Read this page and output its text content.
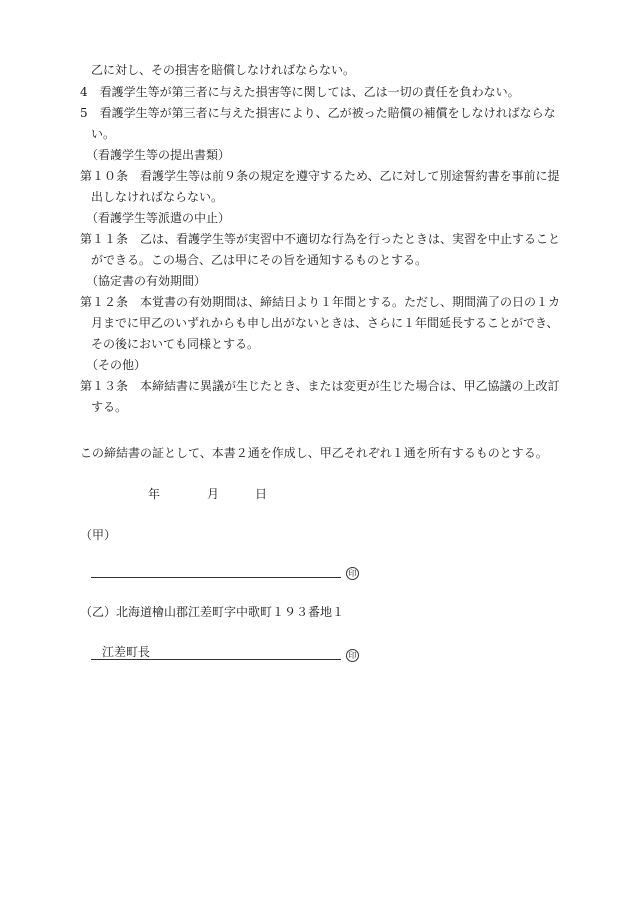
乙に対し、その損害を賠償しなければならない。
4　看護学生等が第三者に与えた損害等に関しては、乙は一切の責任を負わない。
5　看護学生等が第三者に与えた損害により、乙が被った賠償の補償をしなければならな
い。
（看護学生等の提出書類）
第１０条　看護学生等は前９条の規定を遵守するため、乙に対して別途誓約書を事前に提
出しなければならない。
（看護学生等派遣の中止）
第１１条　乙は、看護学生等が実習中不適切な行為を行ったときは、実習を中止すること
ができる。この場合、乙は甲にその旨を通知するものとする。
（協定書の有効期間）
第１２条　本覚書の有効期間は、締結日より１年間とする。ただし、期間満了の日の１カ
月までに甲乙のいずれからも申し出がないときは、さらに１年間延長することができ、
その後においても同様とする。
（その他）
第１３条　本締結書に異議が生じたとき、または変更が生じた場合は、甲乙協議の上改訂
する。
この締結書の証として、本書２通を作成し、甲乙それぞれ１通を所有するものとする。
年	月	日
（甲）
印
（乙）北海道檜山郡江差町字中歌町１９３番地１
江差町長	印
